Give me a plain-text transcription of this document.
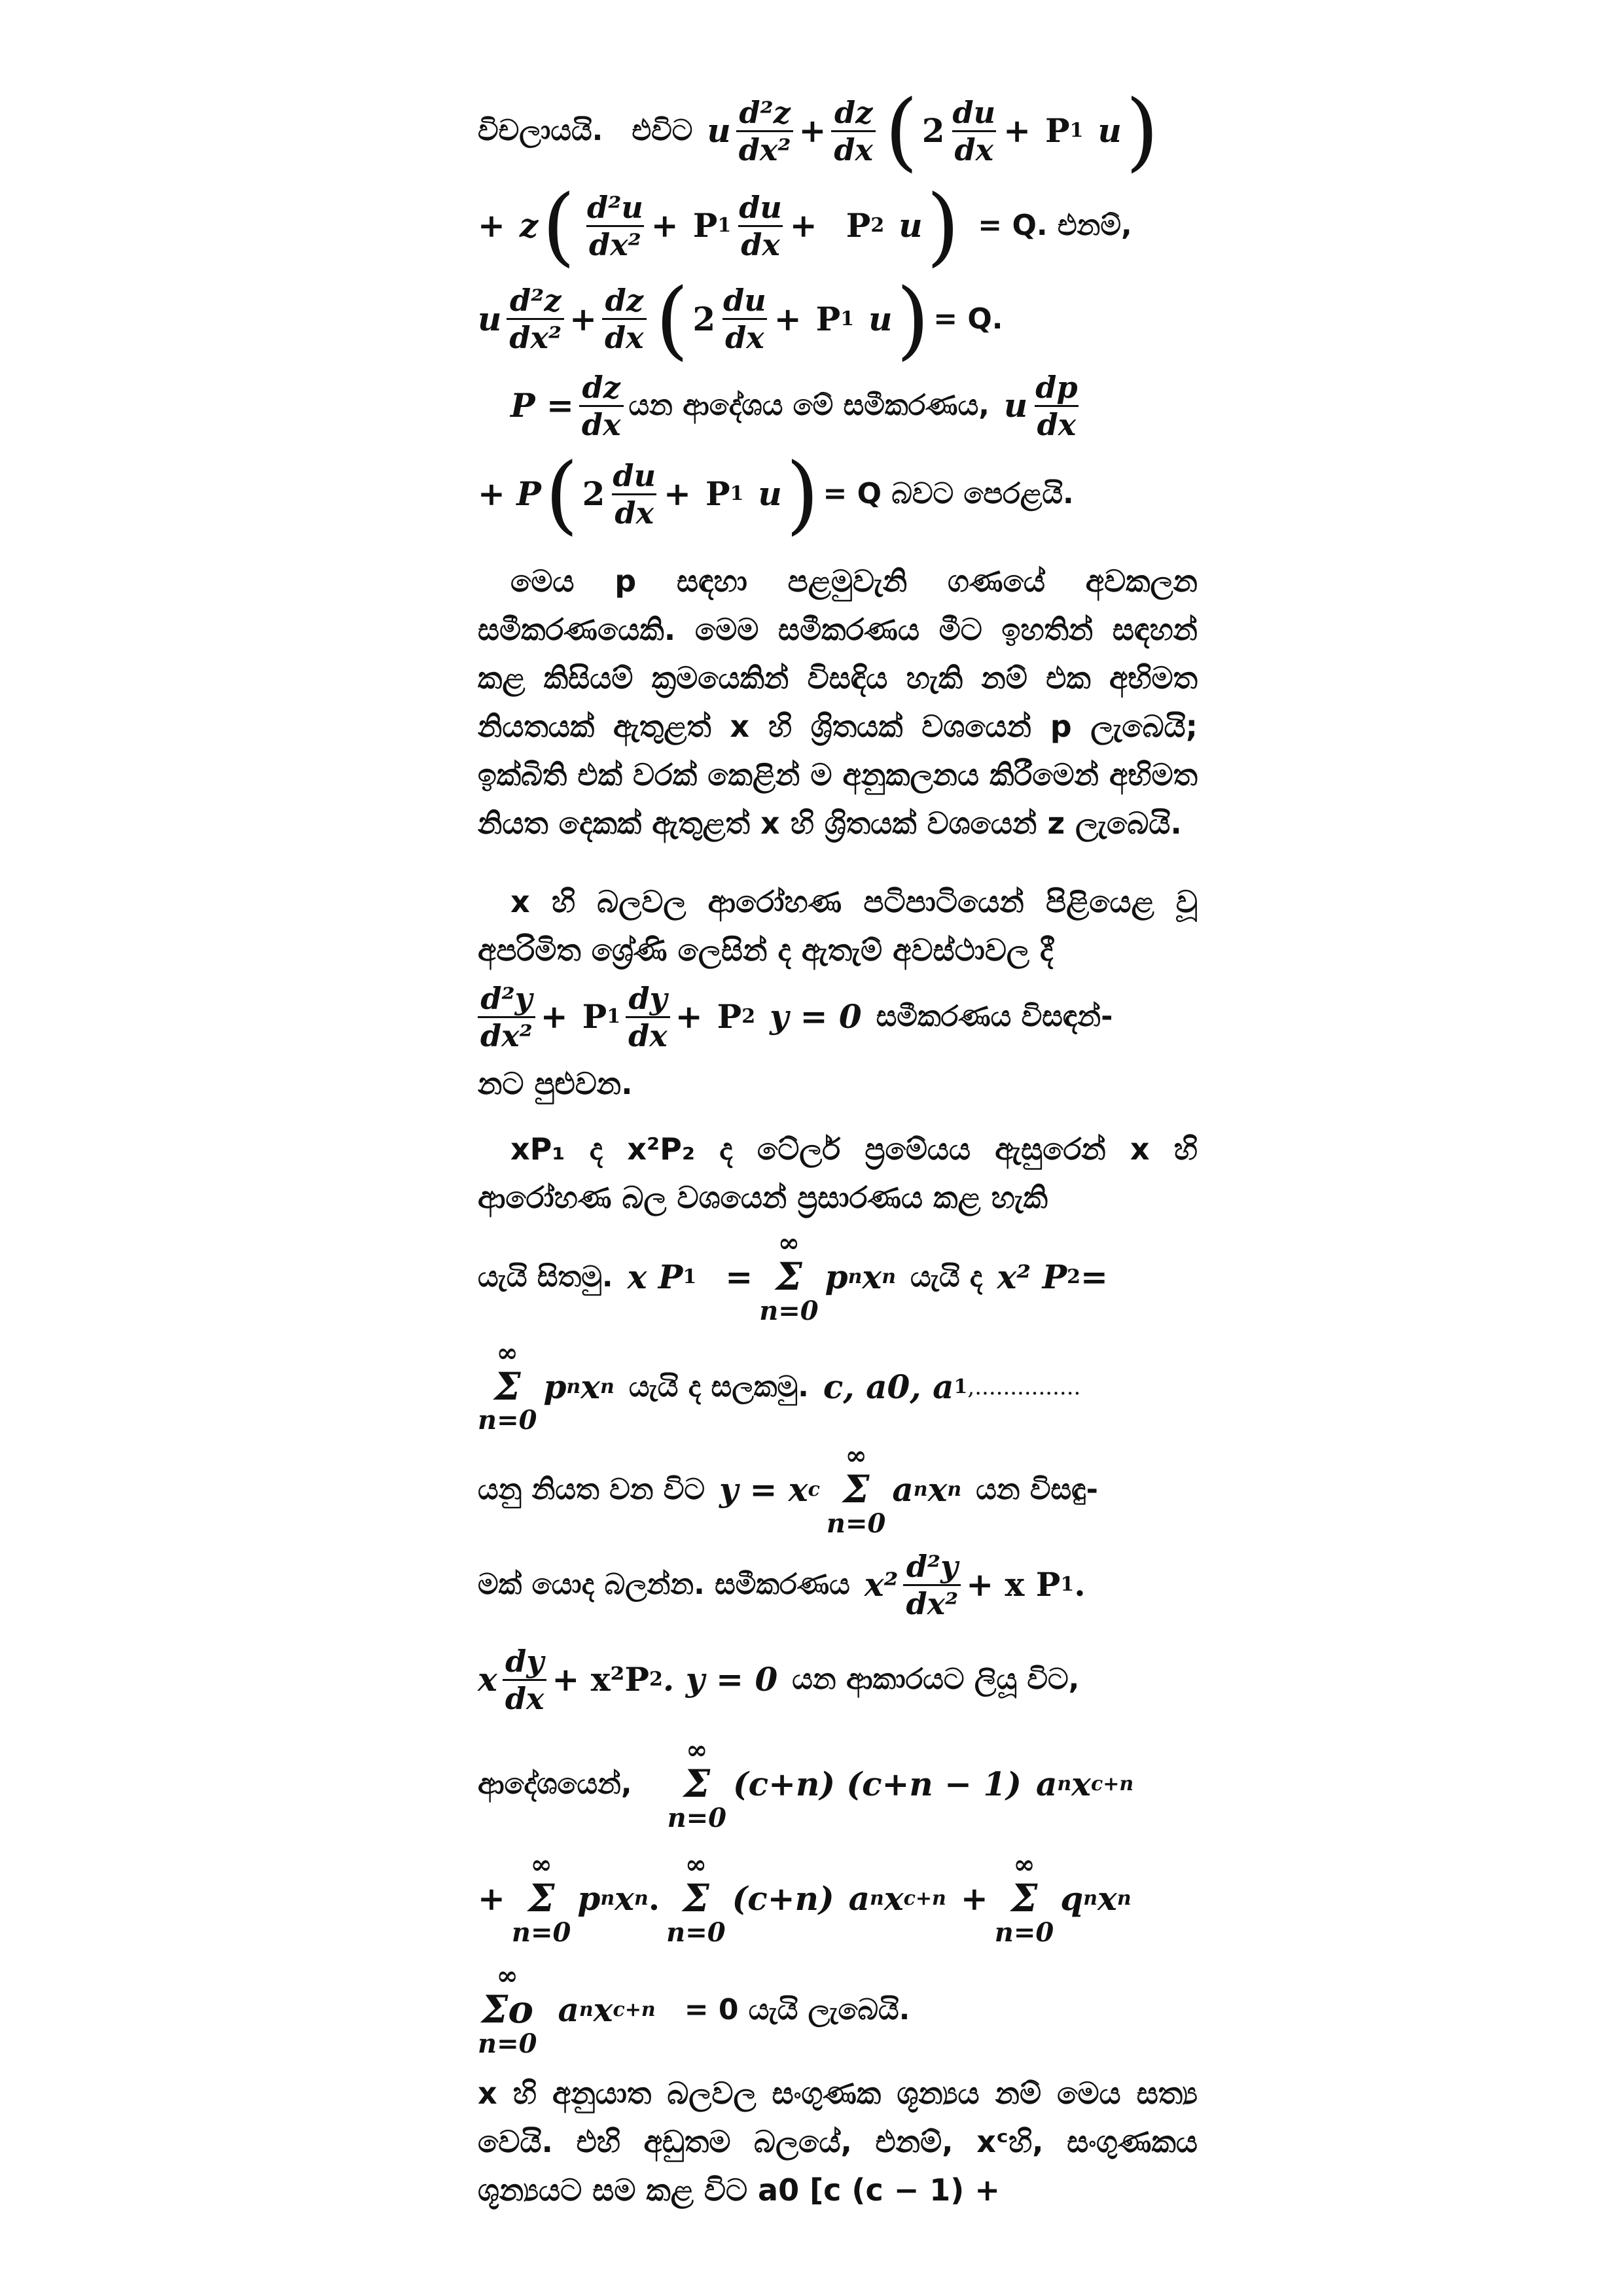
විචලායයි. එවිට u $\frac{\text{d²z}}{\text{dx²}} + \frac{dz}{dx}$ ( $2 \frac{du}{dx} + P$ 1 u )
+ z ( $\frac{\text{d²u}}{\text{dx²}} + P$ $1 \frac{du}{dx} + P$ 2 u ) = Q. එනම්,
u $\frac{\text{d²z}}{\text{dx²}} + \frac{dz}{dx}$ ( $2 \frac{du}{dx} + P$ 1 u ) = Q.
$P = \frac{dz}{dx}$ යන ආදේශය මේ සමීකරණය, u $\frac{dp}{dx}$
+ P ( $2 \frac{du}{dx} + P$ 1 u ) = Q බවට පෙරළයි.

මෙය p සඳහා පළමුවැනි ගණයේ අවකලන සමීකරණයෙකි. මෙම සමීකරණය මීට ඉහතින් සඳහන් කළ කිසියම් ක්‍රමයෙකින් විසඳිය හැකි නම් එක අභිමත නියතයක් ඇතුළත් x හි ශ්‍රිතයක් වශයෙන් p ලැබෙයි; ඉක්බිති එක් වරක් කෙළින් ම අනුකලනය කිරීමෙන් අභිමත නියත දෙකක් ඇතුළත් x හි ශ්‍රිතයක් වශයෙන් z ලැබෙයි.

x හි බලවල ආරෝහණ පටිපාටියෙන් පිළියෙළ වූ අපරිමිත ශ්‍රේණි ලෙසින් ද ඇතැම් අවස්ථාවල දී

$\frac{\text{d²y}}{\text{dx²}} + P$ $1 \frac{dy}{dx} + P$ 2 y = 0 සමීකරණය විසඳන්-

නට පුළුවන.

xP₁ ද x²P₂ ද ටේලර් ප්‍රමේයය ඇසුරෙන් x හි ආරෝහණ බල වශයෙන් ප්‍රසාරණය කළ හැකි

යැයි සිතමු. x P 1 =
∞
Σ
n=0
p n x n යැයි ද x² P 2 =
∞
Σ
n=0
p n x n යැයි ද සලකමු. c, a0, a 1 ,...............
යනු නියත වන විට y = x c
∞
Σ
n=0
a n x n යන විසඳු-
මක් යොද බලන්න. සමීකරණය $x^2 \frac{\text{d²y}}{\text{dx²}} + x$ P 1 .
x $\frac{dy}{dx} + x^2P$ 2 . y = 0 යන ආකාරයට ලියූ විට,
ආදේශයෙන්,
∞
Σ
n=0
(c+n) (c+n − 1) a n x c+n
+
∞
Σ
n=0
p n x n .
∞
Σ
n=0
(c+n) a n x c+n +
∞
Σ
n=0
q n x n
∞
Σo
n=0
a n x c+n = 0 යැයි ලැබෙයි.

x හි අනුයාත බලවල සංගුණක ශූන්‍යය නම් මෙය සත්‍ය වෙයි. එහි අඩුතම බලයේ, එනම්, xᶜහි, සංගුණකය ශූන්‍යයට සම කළ විට a0 [c (c − 1) +
